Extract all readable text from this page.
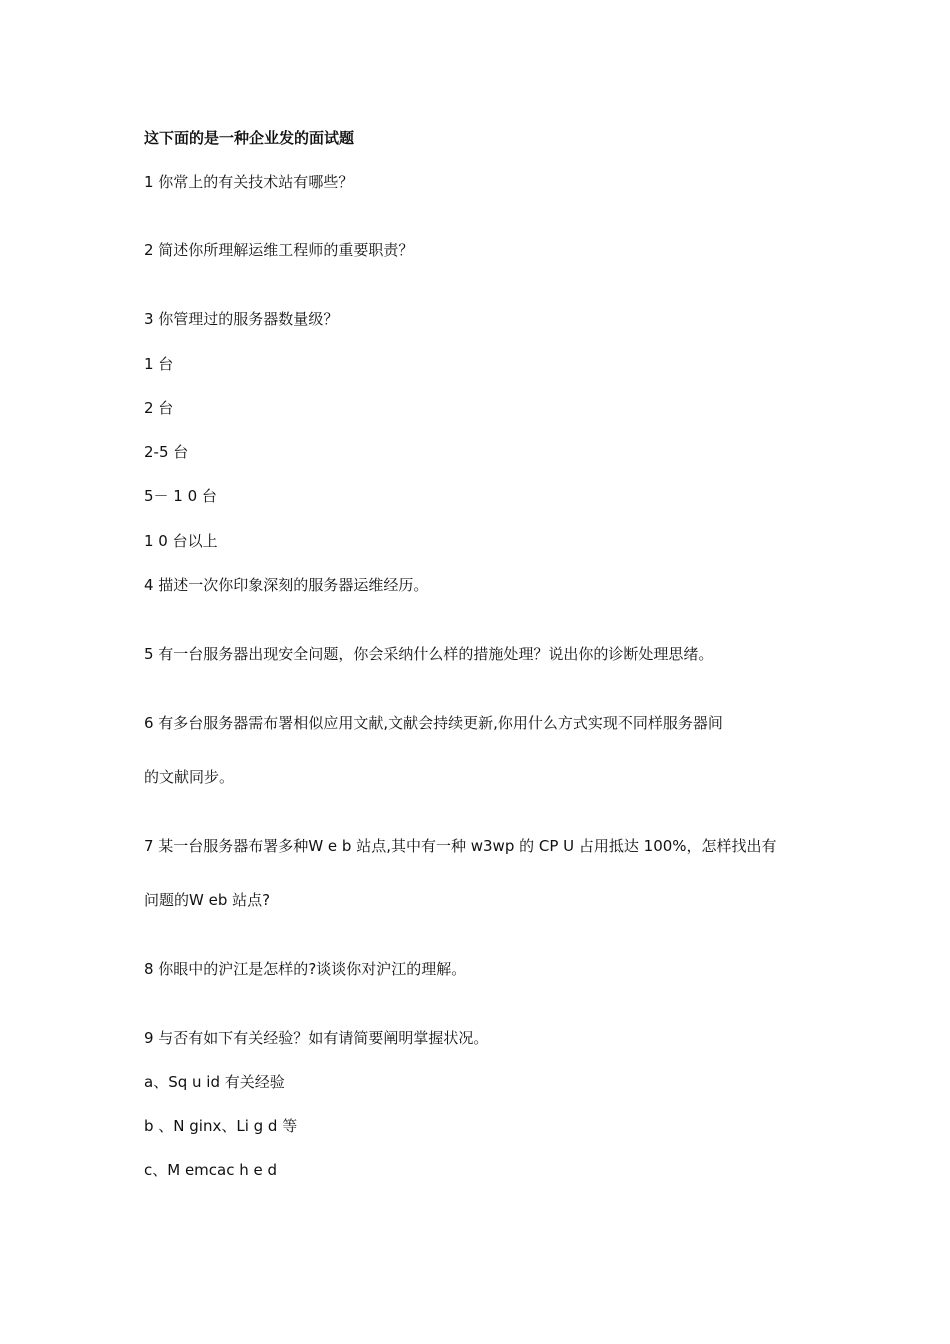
这下面的是一种企业发的面试题
1 你常上的有关技术站有哪些？
2 简述你所理解运维工程师的重要职责？
3 你管理过的服务器数量级？
1 台
2 台
2-5 台
5－ 1 0 台
1 0 台以上
4 描述一次你印象深刻的服务器运维经历。
5 有一台服务器出现安全问题，你会采纳什么样的措施处理？说出你的诊断处理思绪。
6 有多台服务器需布署相似应用文献,文献会持续更新,你用什么方式实现不同样服务器间
的文献同步。
7 某一台服务器布署多种W e b 站点,其中有一种 w3wp 的 CP U 占用抵达 100%，怎样找出有
问题的W eb 站点?
8 你眼中的沪江是怎样的?谈谈你对沪江的理解。
9 与否有如下有关经验？如有请简要阐明掌握状况。
a、Sq u id 有关经验
b 、N ginx、Li g d 等
c、M emcac h e d
